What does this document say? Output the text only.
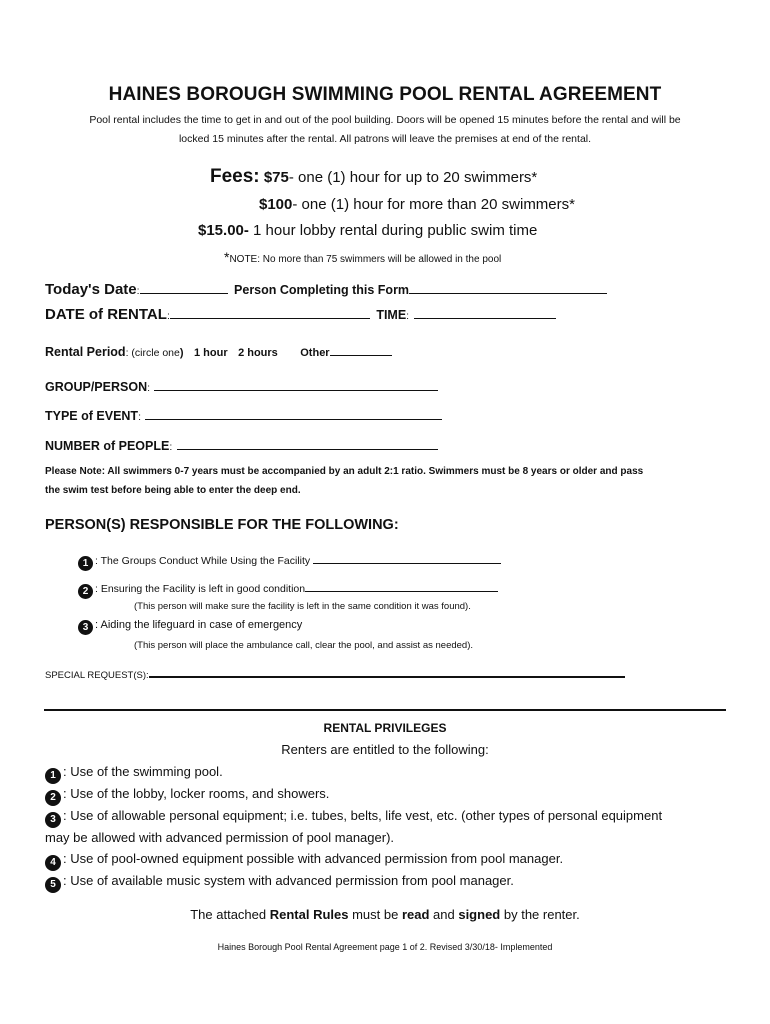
HAINES BOROUGH SWIMMING POOL RENTAL AGREEMENT
Pool rental includes the time to get in and out of the pool building. Doors will be opened 15 minutes before the rental and will be
locked 15 minutes after the rental. All patrons will leave the premises at end of the rental.
Fees: $75- one (1) hour for up to 20 swimmers*
$100- one (1) hour for more than 20 swimmers*
$15.00- 1 hour lobby rental during public swim time
*NOTE: No more than 75 swimmers will be allowed in the pool
Today's Date:	Person Completing this Form
DATE of RENTAL:	TIME:
Rental Period: (circle one) 1 hour 2 hours Other
GROUP/PERSON:
TYPE of EVENT:
NUMBER of PEOPLE:
Please Note: All swimmers 0-7 years must be accompanied by an adult 2:1 ratio. Swimmers must be 8 years or older and pass
the swim test before being able to enter the deep end.
PERSON(S) RESPONSIBLE FOR THE FOLLOWING:
1 : The Groups Conduct While Using the Facility
2 : Ensuring the Facility is left in good condition
(This person will make sure the facility is left in the same condition it was found).
3 : Aiding the lifeguard in case of emergency
(This person will place the ambulance call, clear the pool, and assist as needed).
SPECIAL REQUEST(S):
RENTAL PRIVILEGES
Renters are entitled to the following:
1 : Use of the swimming pool.
2 : Use of the lobby, locker rooms, and showers.
3 : Use of allowable personal equipment; i.e. tubes, belts, life vest, etc. (other types of personal equipment
may be allowed with advanced permission of pool manager).
4 : Use of pool-owned equipment possible with advanced permission from pool manager.
5 : Use of available music system with advanced permission from pool manager.
The attached Rental Rules must be read and signed by the renter.
Haines Borough Pool Rental Agreement page 1 of 2. Revised 3/30/18- Implemented
